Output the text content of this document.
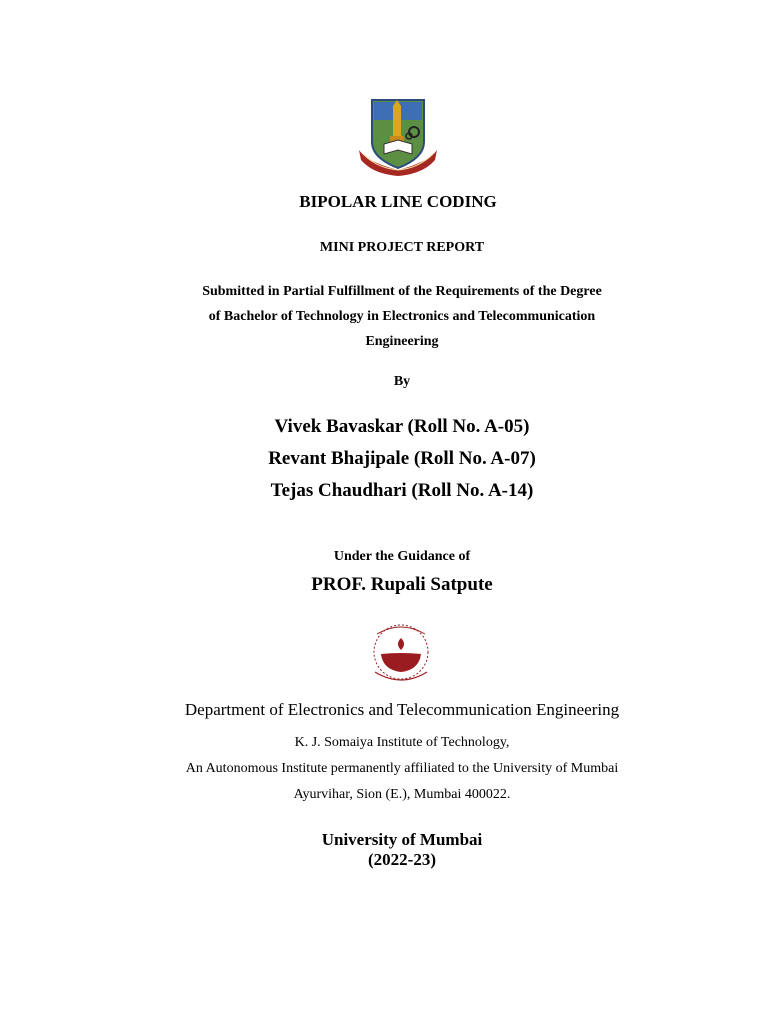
BIPOLAR LINE CODING
MINI PROJECT REPORT
Submitted in Partial Fulfillment of the Requirements of the Degree
of Bachelor of Technology in Electronics and Telecommunication
Engineering
By
Vivek Bavaskar (Roll No. A-05)
Revant Bhajipale (Roll No. A-07)
Tejas Chaudhari (Roll No. A-14)
Under the Guidance of
PROF. Rupali Satpute
Department of Electronics and Telecommunication Engineering
K. J. Somaiya Institute of Technology,
An Autonomous Institute permanently affiliated to the University of Mumbai
Ayurvihar, Sion (E.), Mumbai 400022.
University of Mumbai
(2022-23)
